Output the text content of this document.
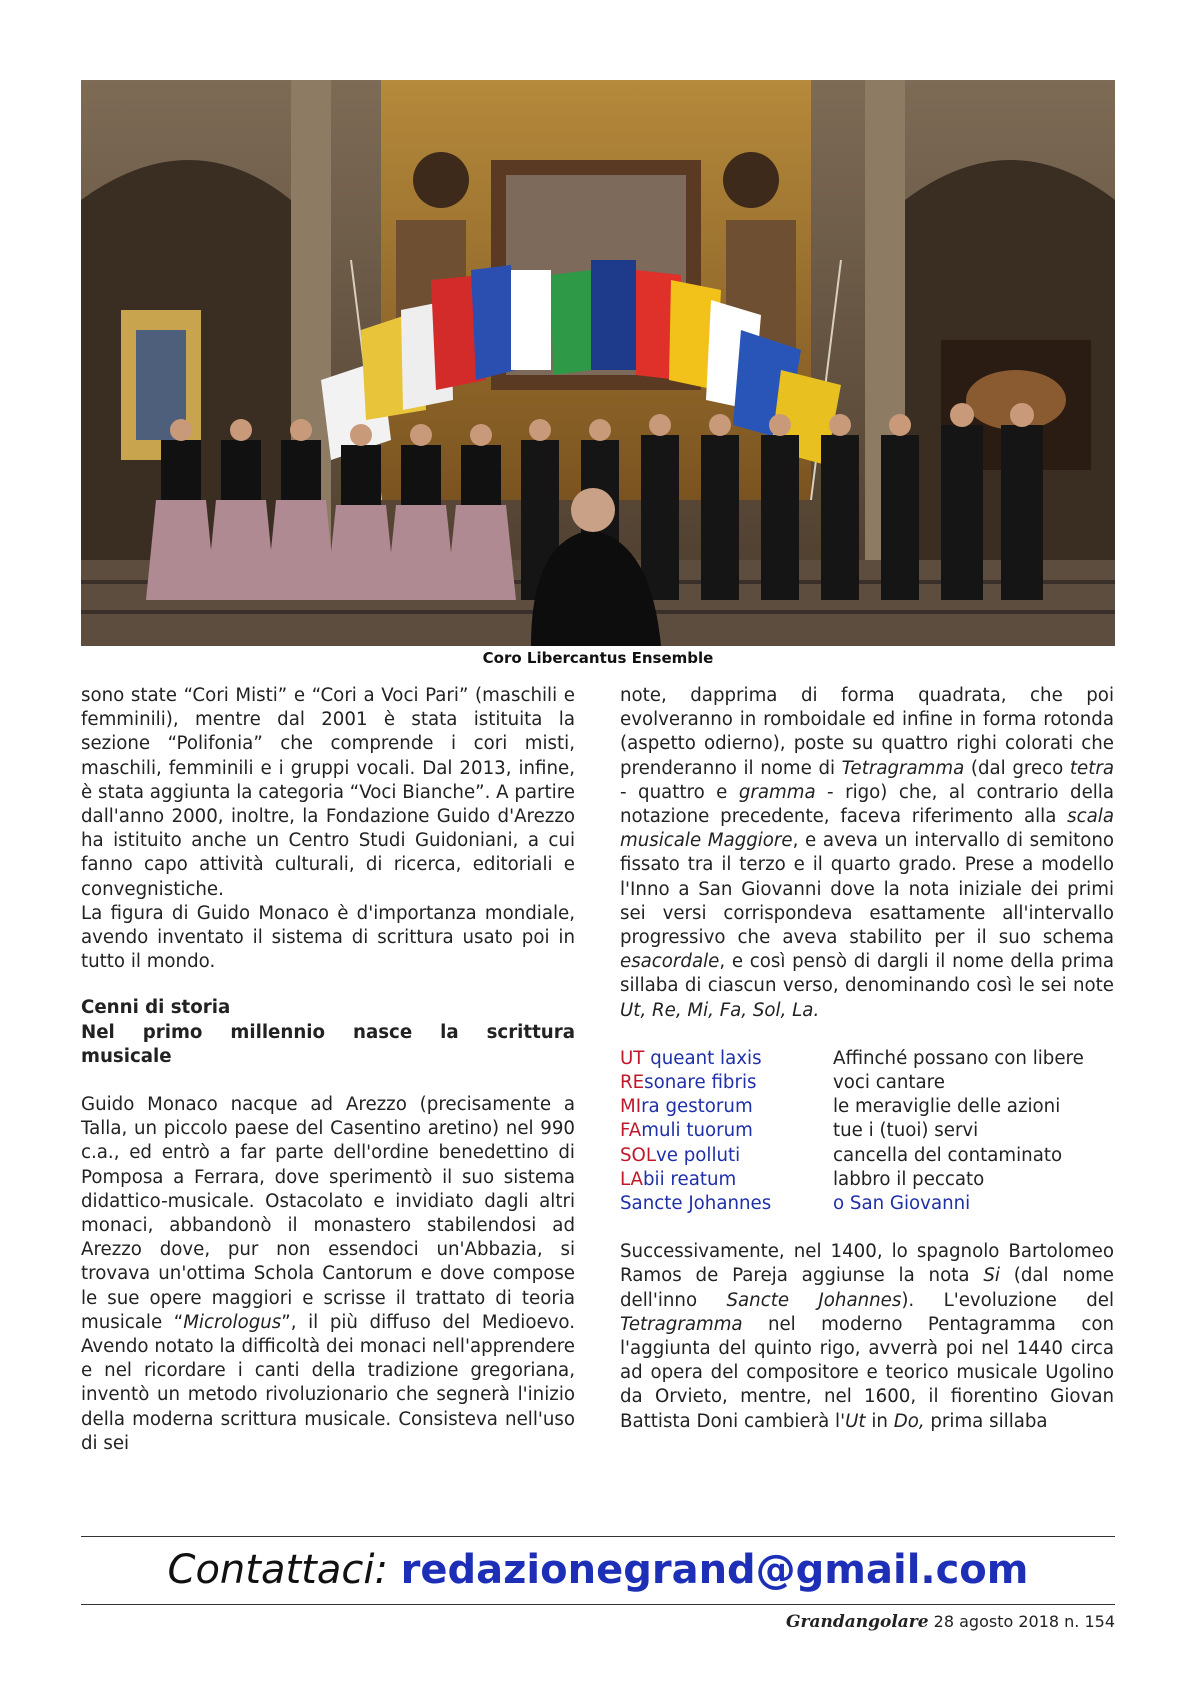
Coro Libercantus Ensemble

sono state “Cori Misti” e “Cori a Voci Pari” (maschili e femminili), mentre dal 2001 è stata istituita la sezione “Polifonia” che comprende i cori misti, maschili, femminili e i gruppi vocali. Dal 2013, infine, è stata aggiunta la categoria “Voci Bianche”. A partire dall'anno 2000, inoltre, la Fondazione Guido d'Arezzo ha istituito anche un Centro Studi Guidoniani, a cui fanno capo attività culturali, di ricerca, editoriali e convegnistiche.

La figura di Guido Monaco è d'importanza mondiale, avendo inventato il sistema di scrittura usato poi in tutto il mondo.

Cenni di storia
Nel primo millennio nasce la scrittura
musicale

Guido Monaco nacque ad Arezzo (precisamente a Talla, un piccolo paese del Casentino aretino) nel 990 c.a., ed entrò a far parte dell'ordine benedettino di Pomposa a Ferrara, dove sperimentò il suo sistema didattico-musicale. Ostacolato e invidiato dagli altri monaci, abbandonò il monastero stabilendosi ad Arezzo dove, pur non essendoci un'Abbazia, si trovava un'ottima Schola Cantorum e dove compose le sue opere maggiori e scrisse il trattato di teoria musicale “Micrologus”, il più diffuso del Medioevo. Avendo notato la difficoltà dei monaci nell'apprendere e nel ricordare i canti della tradizione gregoriana, inventò un metodo rivoluzionario che segnerà l'inizio della moderna scrittura musicale. Consisteva nell'uso di sei

note, dapprima di forma quadrata, che poi evolveranno in romboidale ed infine in forma rotonda (aspetto odierno), poste su quattro righi colorati che prenderanno il nome di Tetragramma (dal greco tetra - quattro e gramma - rigo) che, al contrario della notazione precedente, faceva riferimento alla scala musicale Maggiore, e aveva un intervallo di semitono fissato tra il terzo e il quarto grado. Prese a modello l'Inno a San Giovanni dove la nota iniziale dei primi sei versi corrispondeva esattamente all'intervallo progressivo che aveva stabilito per il suo schema esacordale, e così pensò di dargli il nome della prima sillaba di ciascun verso, denominando così le sei note Ut, Re, Mi, Fa, Sol, La.

UT queant laxis	Affinché possano con libere
REsonare fibris	voci cantare
MIra gestorum	le meraviglie delle azioni
FAmuli tuorum	tue i (tuoi) servi
SOLve polluti	cancella del contaminato
LAbii reatum	labbro il peccato
Sancte Johannes	o San Giovanni

Successivamente, nel 1400, lo spagnolo Bartolomeo Ramos de Pareja aggiunse la nota Si (dal nome dell'inno Sancte Johannes). L'evoluzione del Tetragramma nel moderno Pentagramma con l'aggiunta del quinto rigo, avverrà poi nel 1440 circa ad opera del compositore e teorico musicale Ugolino da Orvieto, mentre, nel 1600, il fiorentino Giovan Battista Doni cambierà l'Ut in Do, prima sillaba

Contattaci: redazionegrand@gmail.com
Grandangolare 28 agosto 2018 n. 154
